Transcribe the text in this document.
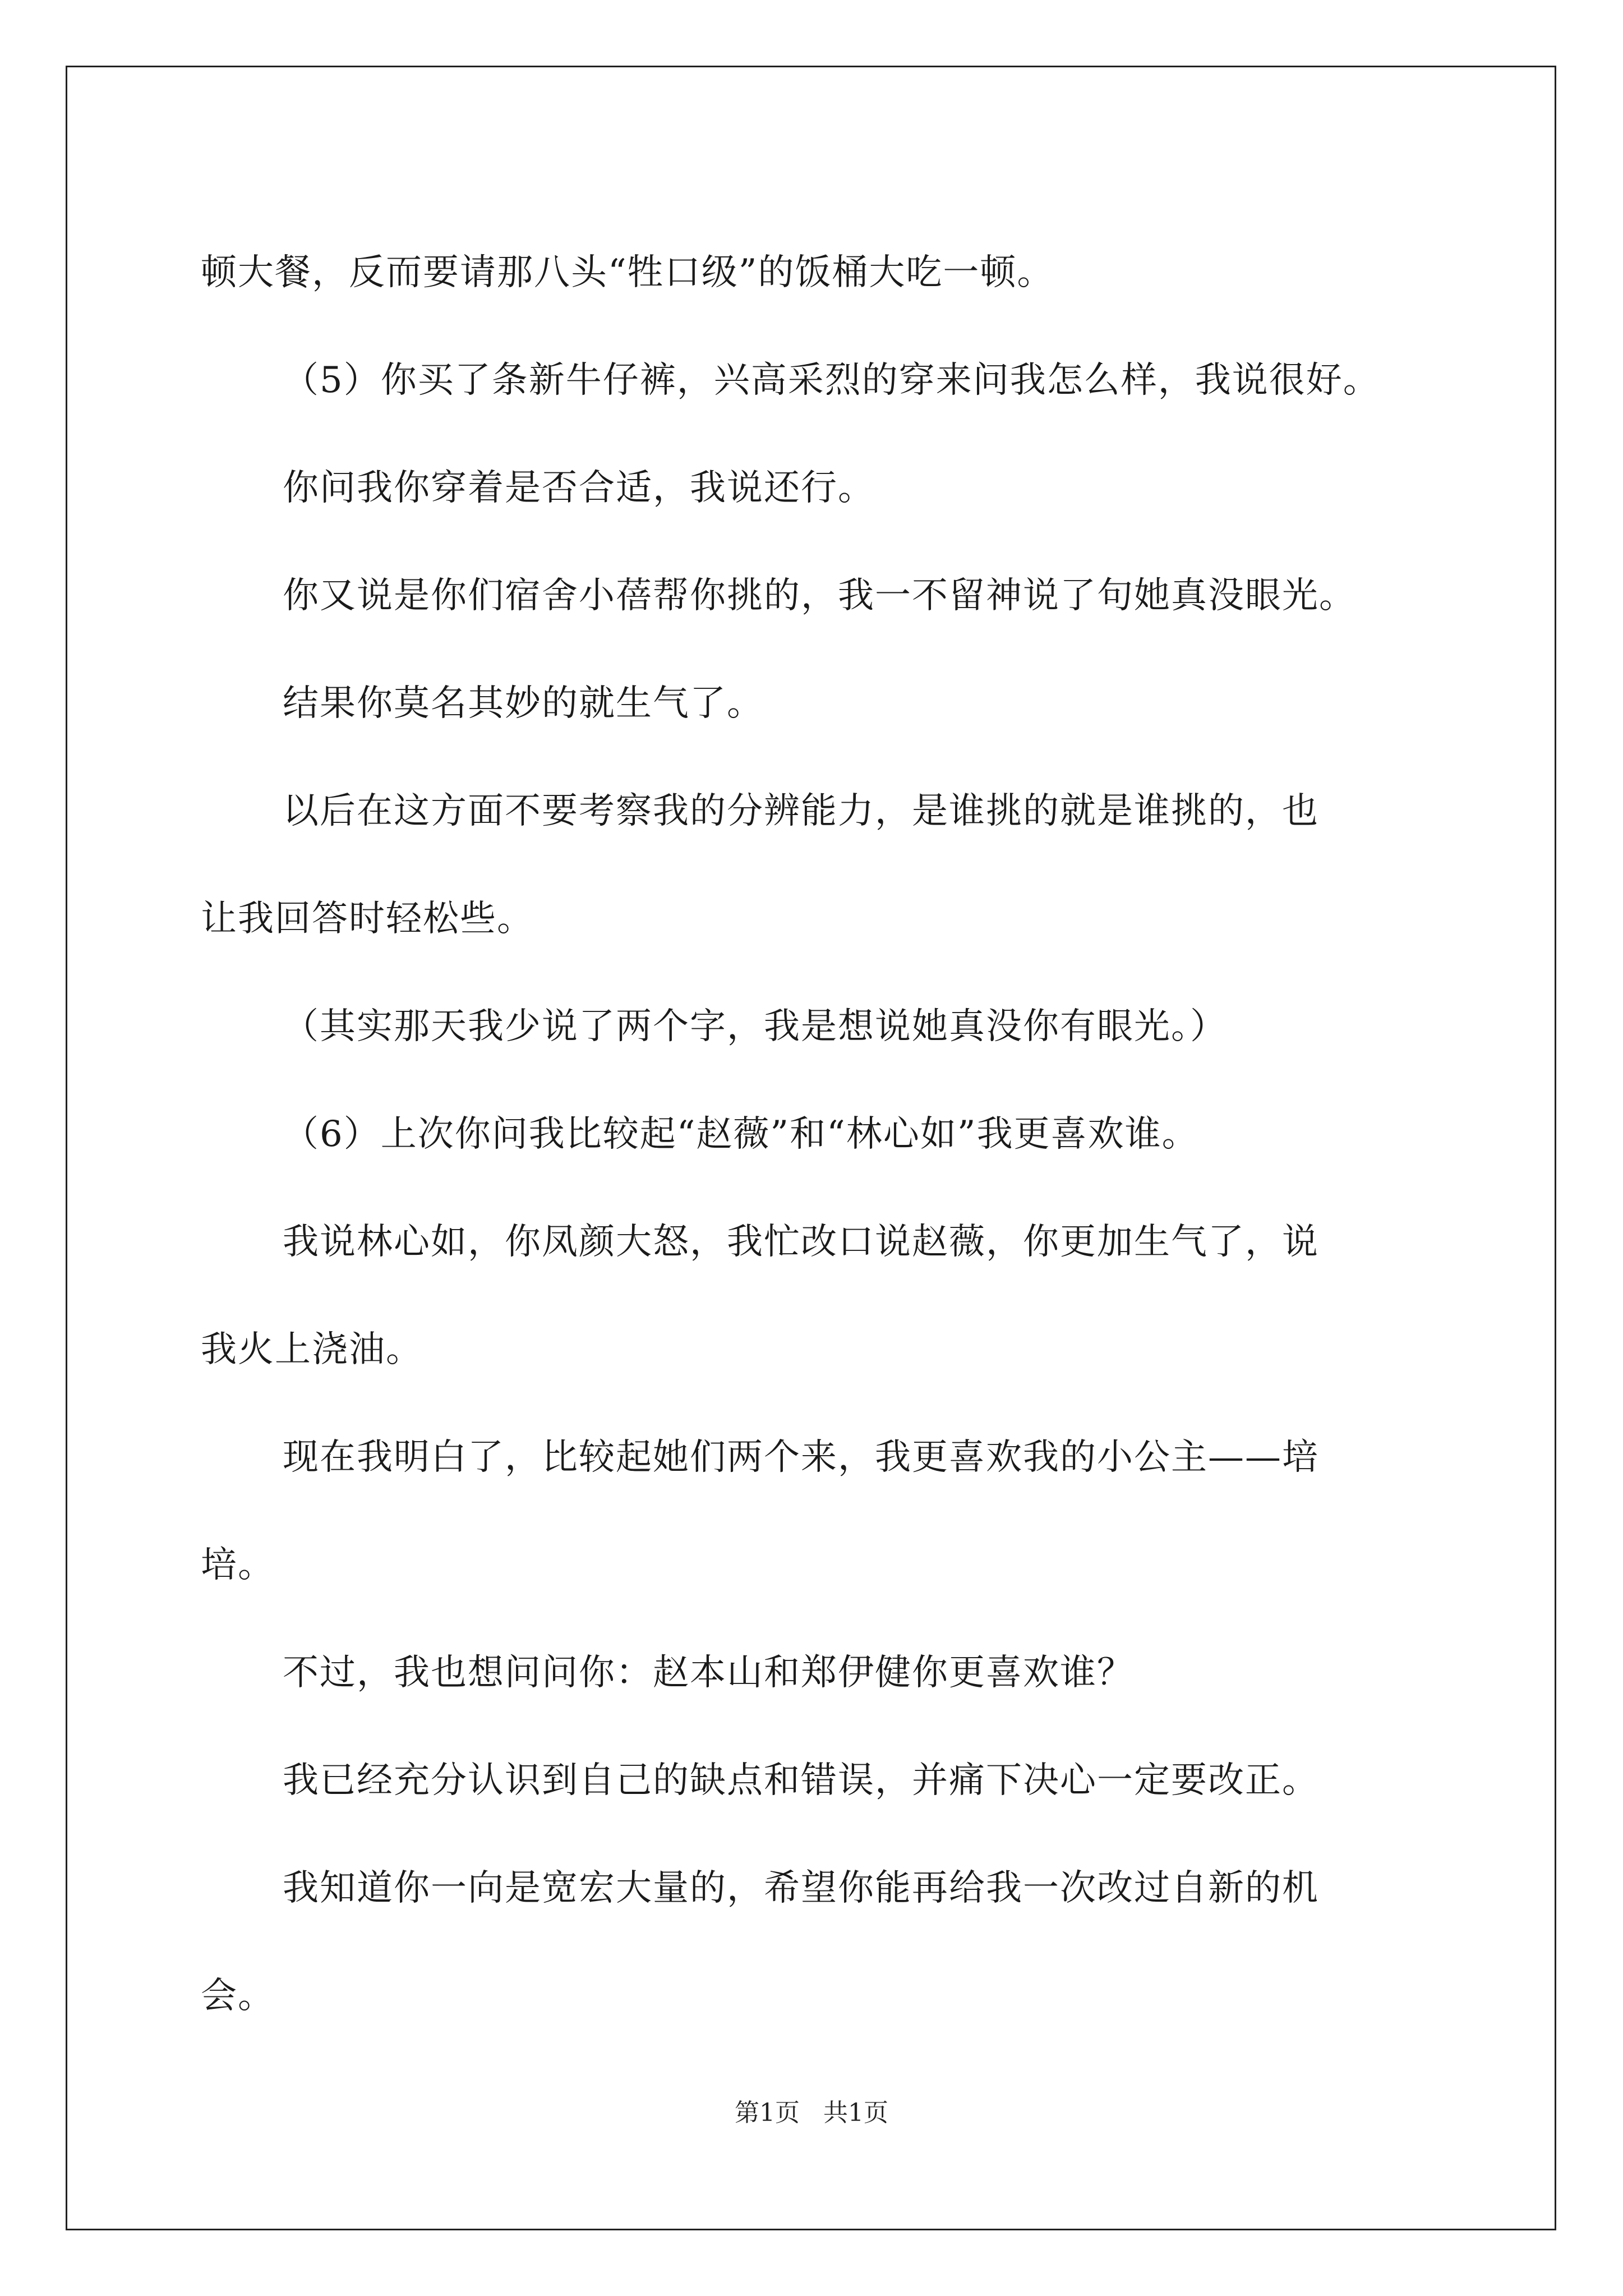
顿大餐，反而要请那八头“牲口级”的饭桶大吃一顿。

（5）你买了条新牛仔裤，兴高采烈的穿来问我怎么样，我说很好。

你问我你穿着是否合适，我说还行。

你又说是你们宿舍小蓓帮你挑的，我一不留神说了句她真没眼光。

结果你莫名其妙的就生气了。

以后在这方面不要考察我的分辨能力，是谁挑的就是谁挑的，也

让我回答时轻松些。

（其实那天我少说了两个字，我是想说她真没你有眼光。）

（6）上次你问我比较起“赵薇”和“林心如”我更喜欢谁。

我说林心如，你凤颜大怒，我忙改口说赵薇，你更加生气了，说

我火上浇油。

现在我明白了，比较起她们两个来，我更喜欢我的小公主——培

培。

不过，我也想问问你：赵本山和郑伊健你更喜欢谁？

我已经充分认识到自己的缺点和错误，并痛下决心一定要改正。

我知道你一向是宽宏大量的，希望你能再给我一次改过自新的机

会。

第1页   共1页
